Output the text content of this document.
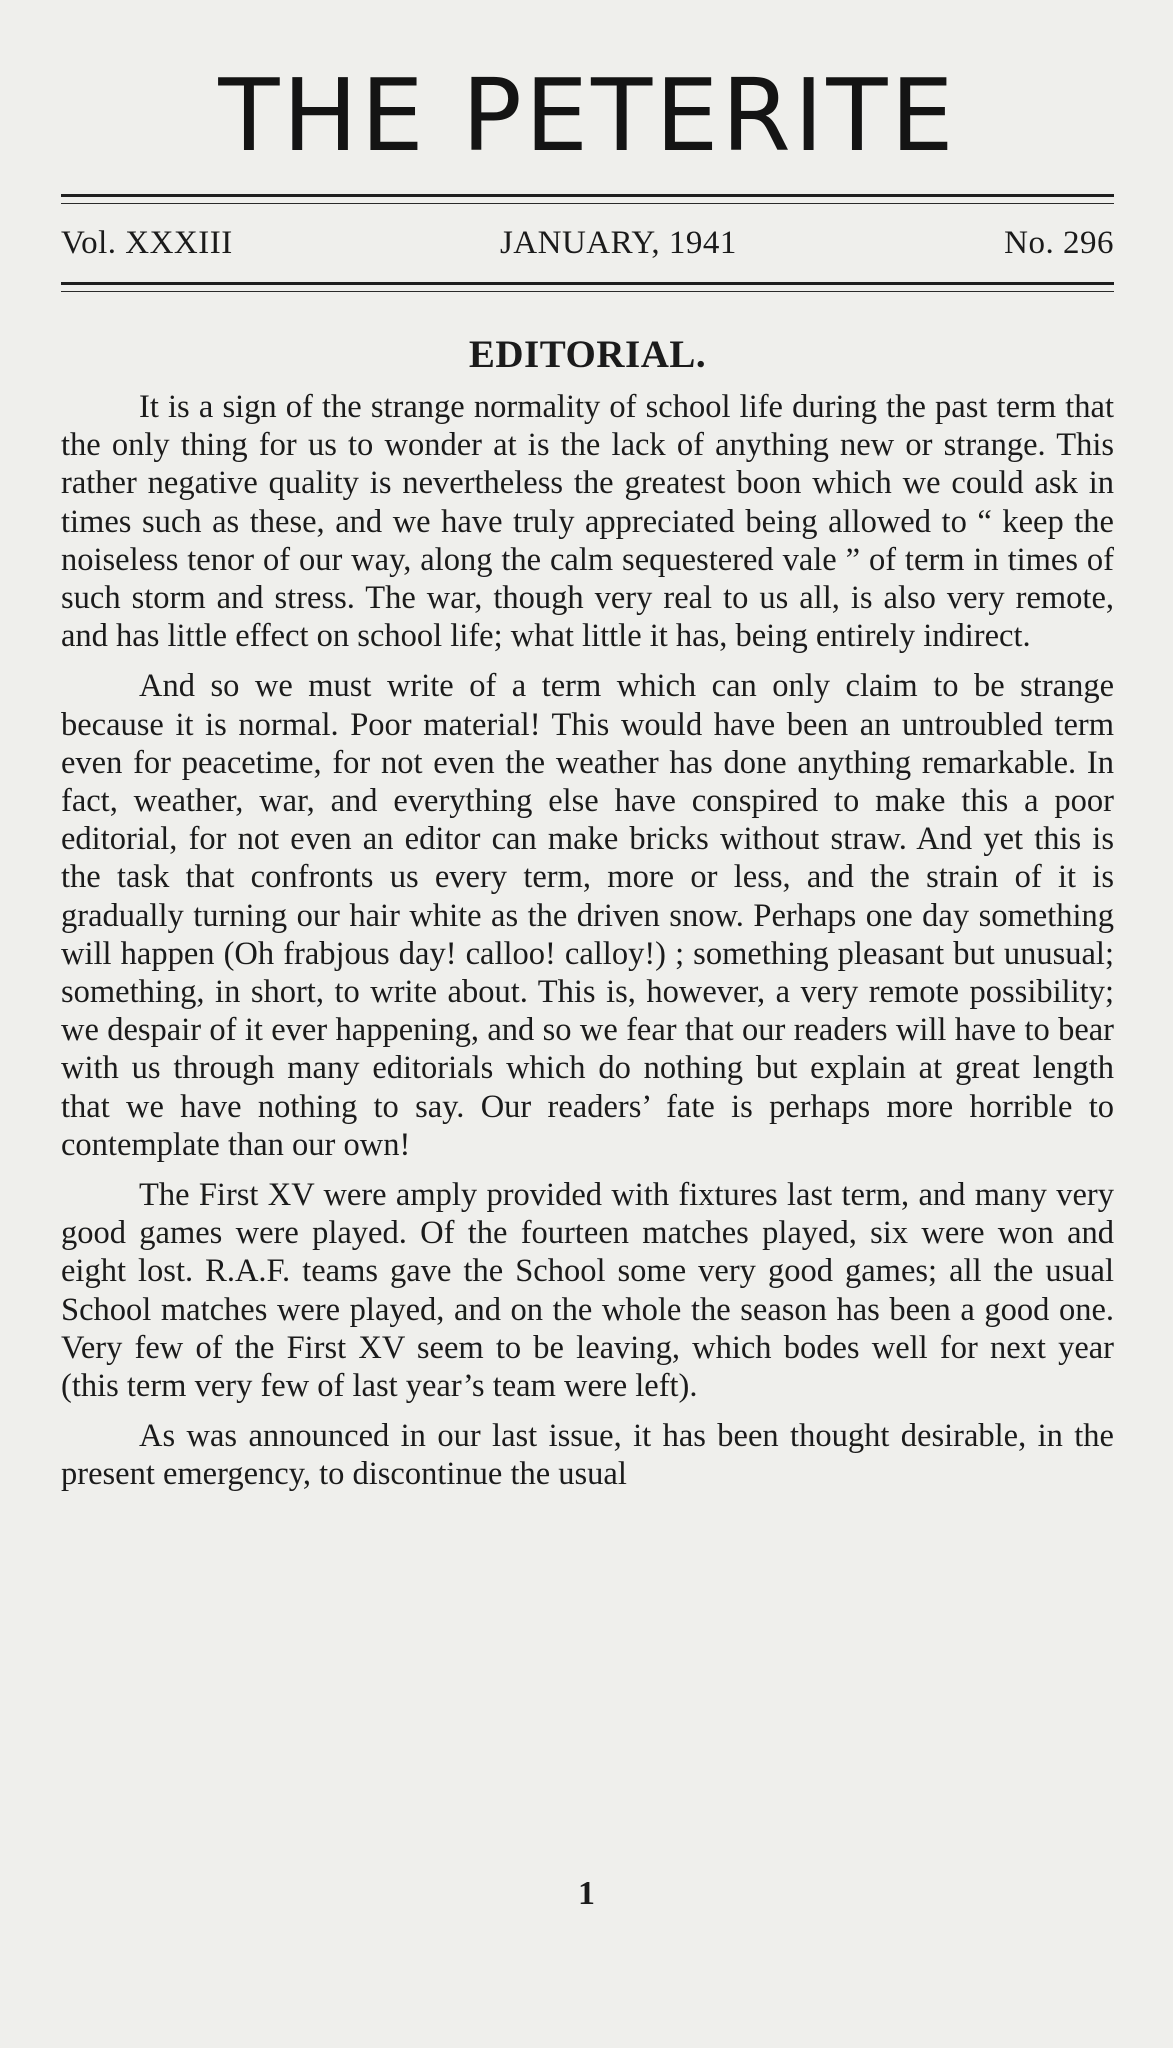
THE PETERITE
Vol. XXXIII	JANUARY, 1941	No. 296
EDITORIAL.

It is a sign of the strange normality of school life during the past term that the only thing for us to wonder at is the lack of anything new or strange. This rather negative quality is nevertheless the greatest boon which we could ask in times such as these, and we have truly appreciated being allowed to “ keep the noiseless tenor of our way, along the calm sequestered vale ” of term in times of such storm and stress. The war, though very real to us all, is also very remote, and has little effect on school life; what little it has, being entirely indirect.

And so we must write of a term which can only claim to be strange because it is normal. Poor material! This would have been an untroubled term even for peacetime, for not even the weather has done anything remarkable. In fact, weather, war, and everything else have conspired to make this a poor editorial, for not even an editor can make bricks without straw. And yet this is the task that confronts us every term, more or less, and the strain of it is gradually turning our hair white as the driven snow. Perhaps one day something will happen (Oh frabjous day! calloo! calloy!) ; something pleasant but unusual; something, in short, to write about. This is, however, a very remote possibility; we despair of it ever happening, and so we fear that our readers will have to bear with us through many editorials which do nothing but explain at great length that we have nothing to say. Our readers’ fate is perhaps more horrible to contemplate than our own!

The First XV were amply provided with fixtures last term, and many very good games were played. Of the fourteen matches played, six were won and eight lost. R.A.F. teams gave the School some very good games; all the usual School matches were played, and on the whole the season has been a good one. Very few of the First XV seem to be leaving, which bodes well for next year (this term very few of last year’s team were left).

As was announced in our last issue, it has been thought desirable, in the present emergency, to discontinue the usual

1
